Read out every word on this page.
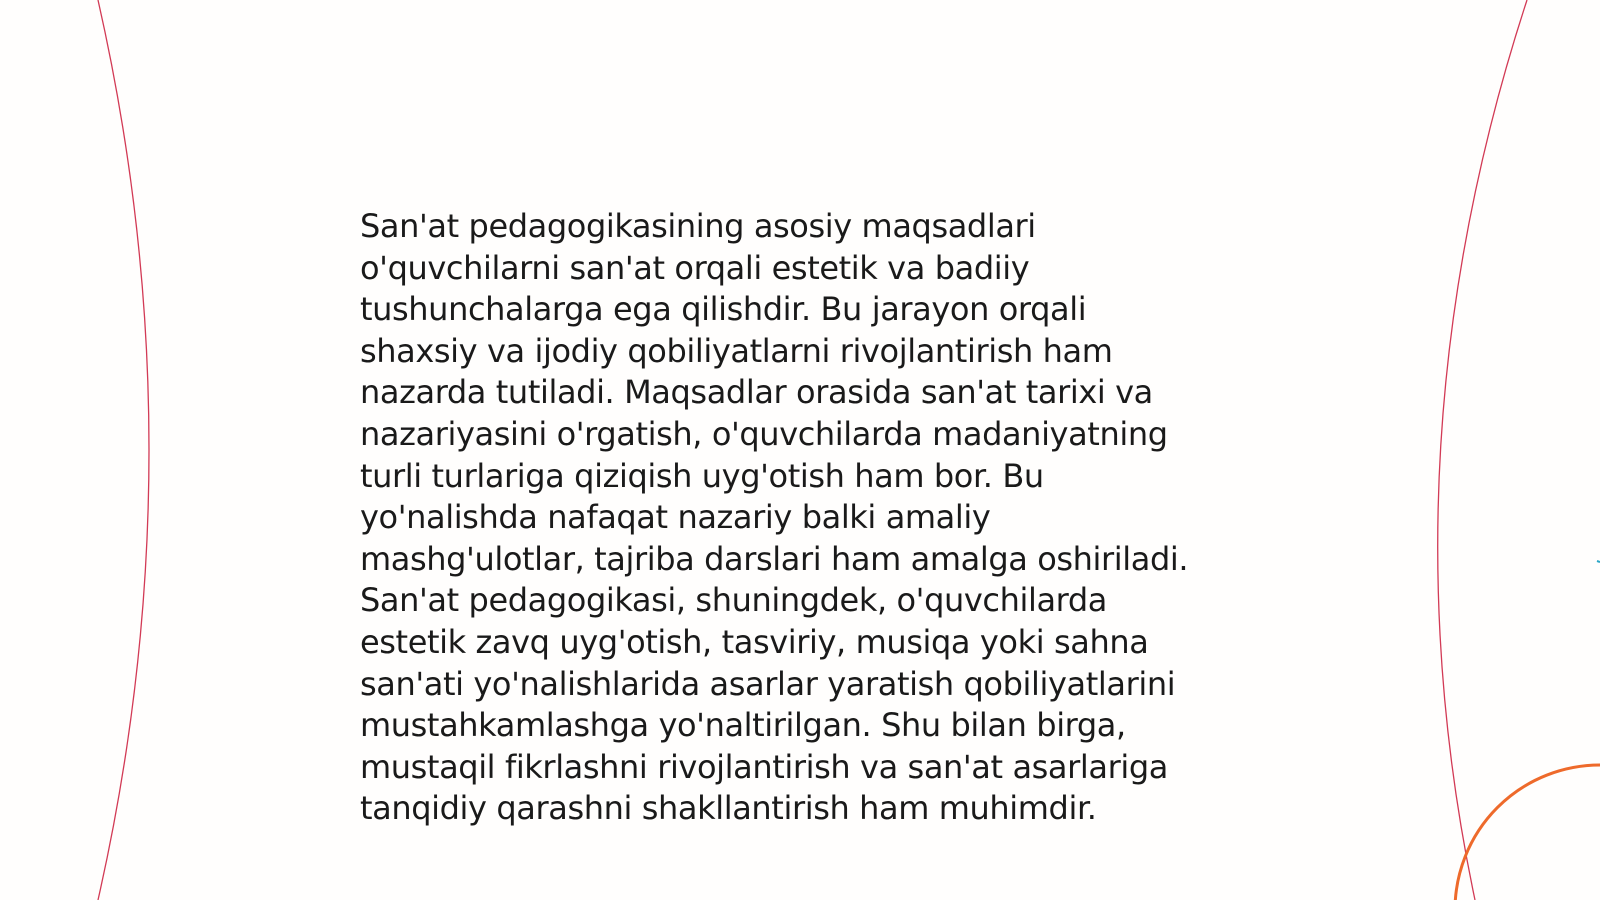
San'at pedagogikasining asosiy maqsadlari
o'quvchilarni san'at orqali estetik va badiiy
tushunchalarga ega qilishdir. Bu jarayon orqali
shaxsiy va ijodiy qobiliyatlarni rivojlantirish ham
nazarda tutiladi. Maqsadlar orasida san'at tarixi va
nazariyasini o'rgatish, o'quvchilarda madaniyatning
turli turlariga qiziqish uyg'otish ham bor. Bu
yo'nalishda nafaqat nazariy balki amaliy
mashg'ulotlar, tajriba darslari ham amalga oshiriladi.
San'at pedagogikasi, shuningdek, o'quvchilarda
estetik zavq uyg'otish, tasviriy, musiqa yoki sahna
san'ati yo'nalishlarida asarlar yaratish qobiliyatlarini
mustahkamlashga yo'naltirilgan. Shu bilan birga,
mustaqil fikrlashni rivojlantirish va san'at asarlariga
tanqidiy qarashni shakllantirish ham muhimdir.
